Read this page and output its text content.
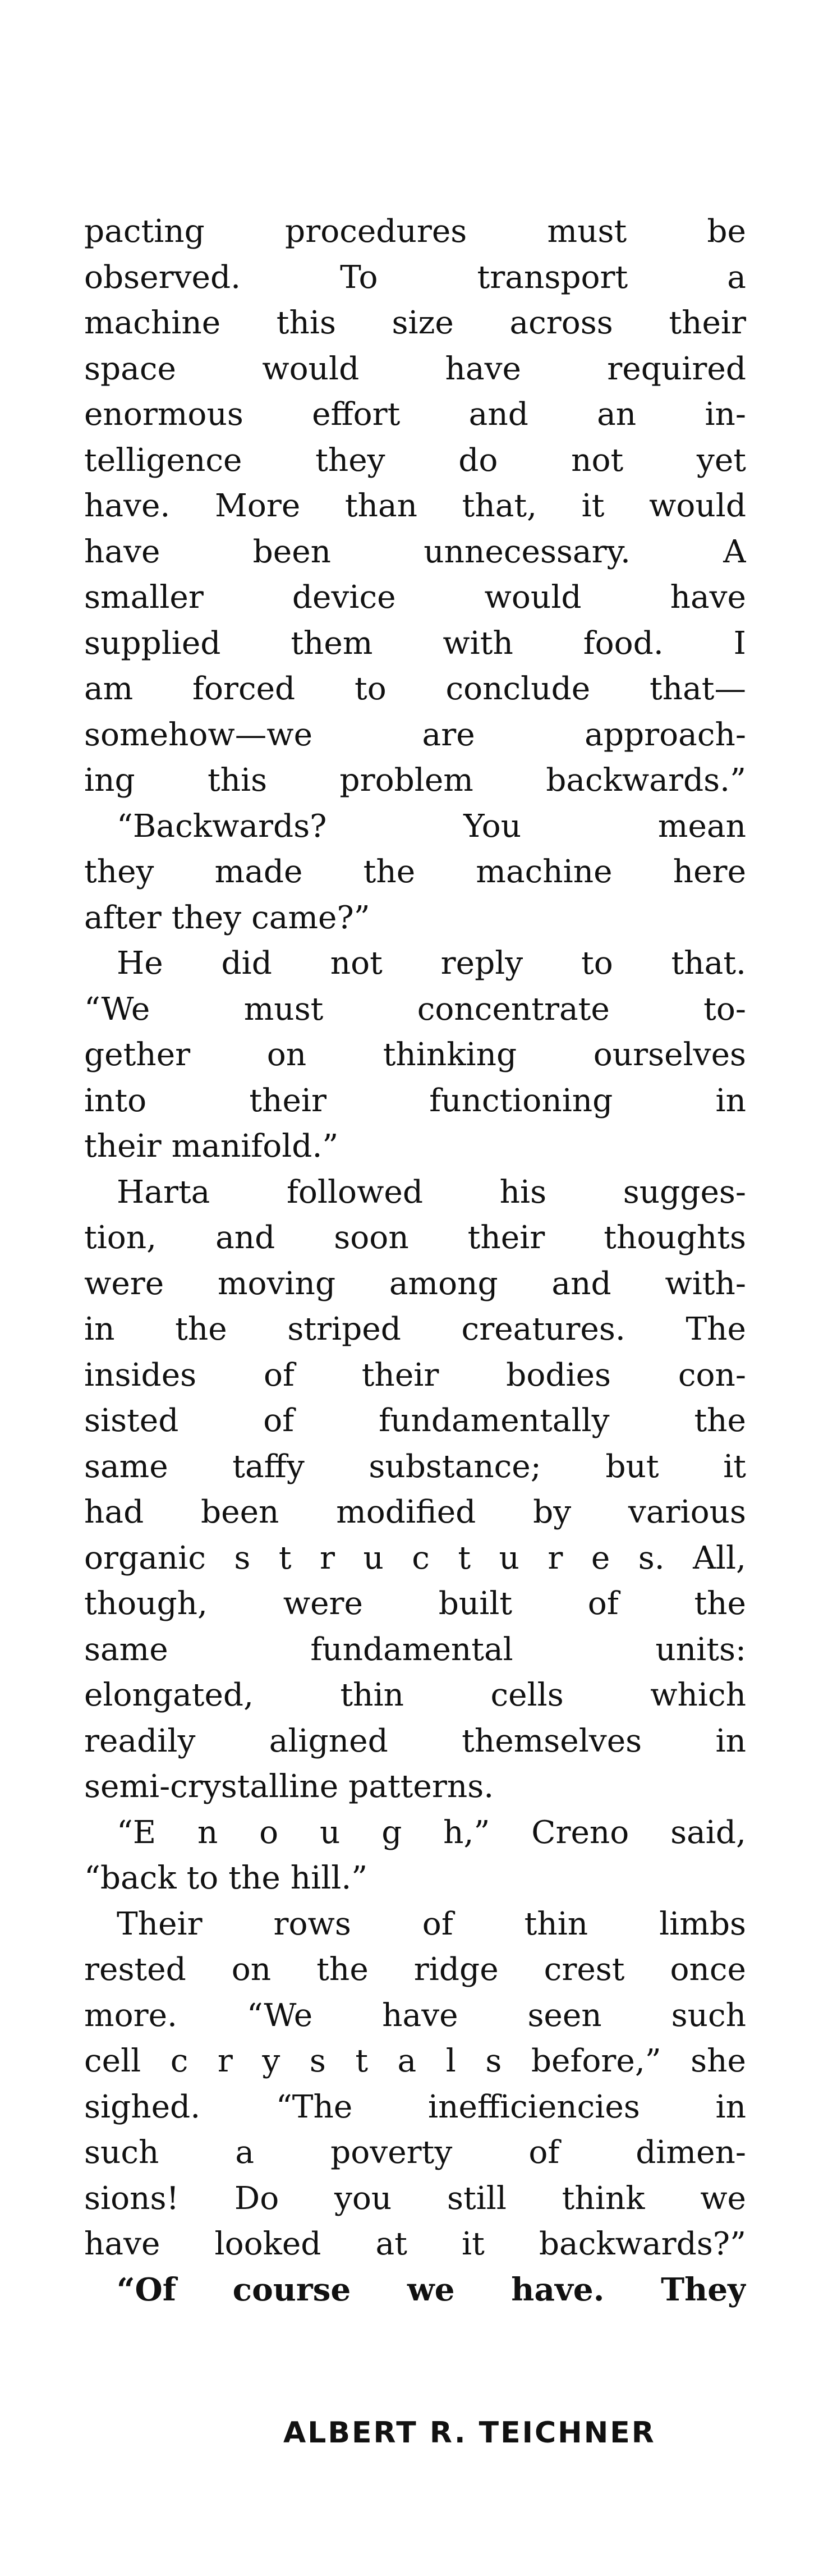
pacting procedures must be
observed. To transport a
machine this size across their
space would have required
enormous effort and an in-
telligence they do not yet
have. More than that, it would
have been unnecessary. A
smaller device would have
supplied them with food. I
am forced to conclude that—
somehow—we are approach-
ing this problem backwards.”
“Backwards? You mean
they made the machine here
after they came?”
He did not reply to that.
“We must concentrate to-
gether on thinking ourselves
into their functioning in
their manifold.”
Harta followed his sugges-
tion, and soon their thoughts
were moving among and with-
in the striped creatures. The
insides of their bodies con-
sisted of fundamentally the
same taffy substance; but it
had been modified by various
organic s t r u c t u r e s. All,
though, were built of the
same fundamental units:
elongated, thin cells which
readily aligned themselves in
semi-crystalline patterns.
“E n o u g h,” Creno said,
“back to the hill.”
Their rows of thin limbs
rested on the ridge crest once
more. “We have seen such
cell c r y s t a l s before,” she
sighed. “The inefficiencies in
such a poverty of dimen-
sions! Do you still think we
have looked at it backwards?”
“Of course we have. They
ALBERT R. TEICHNER
